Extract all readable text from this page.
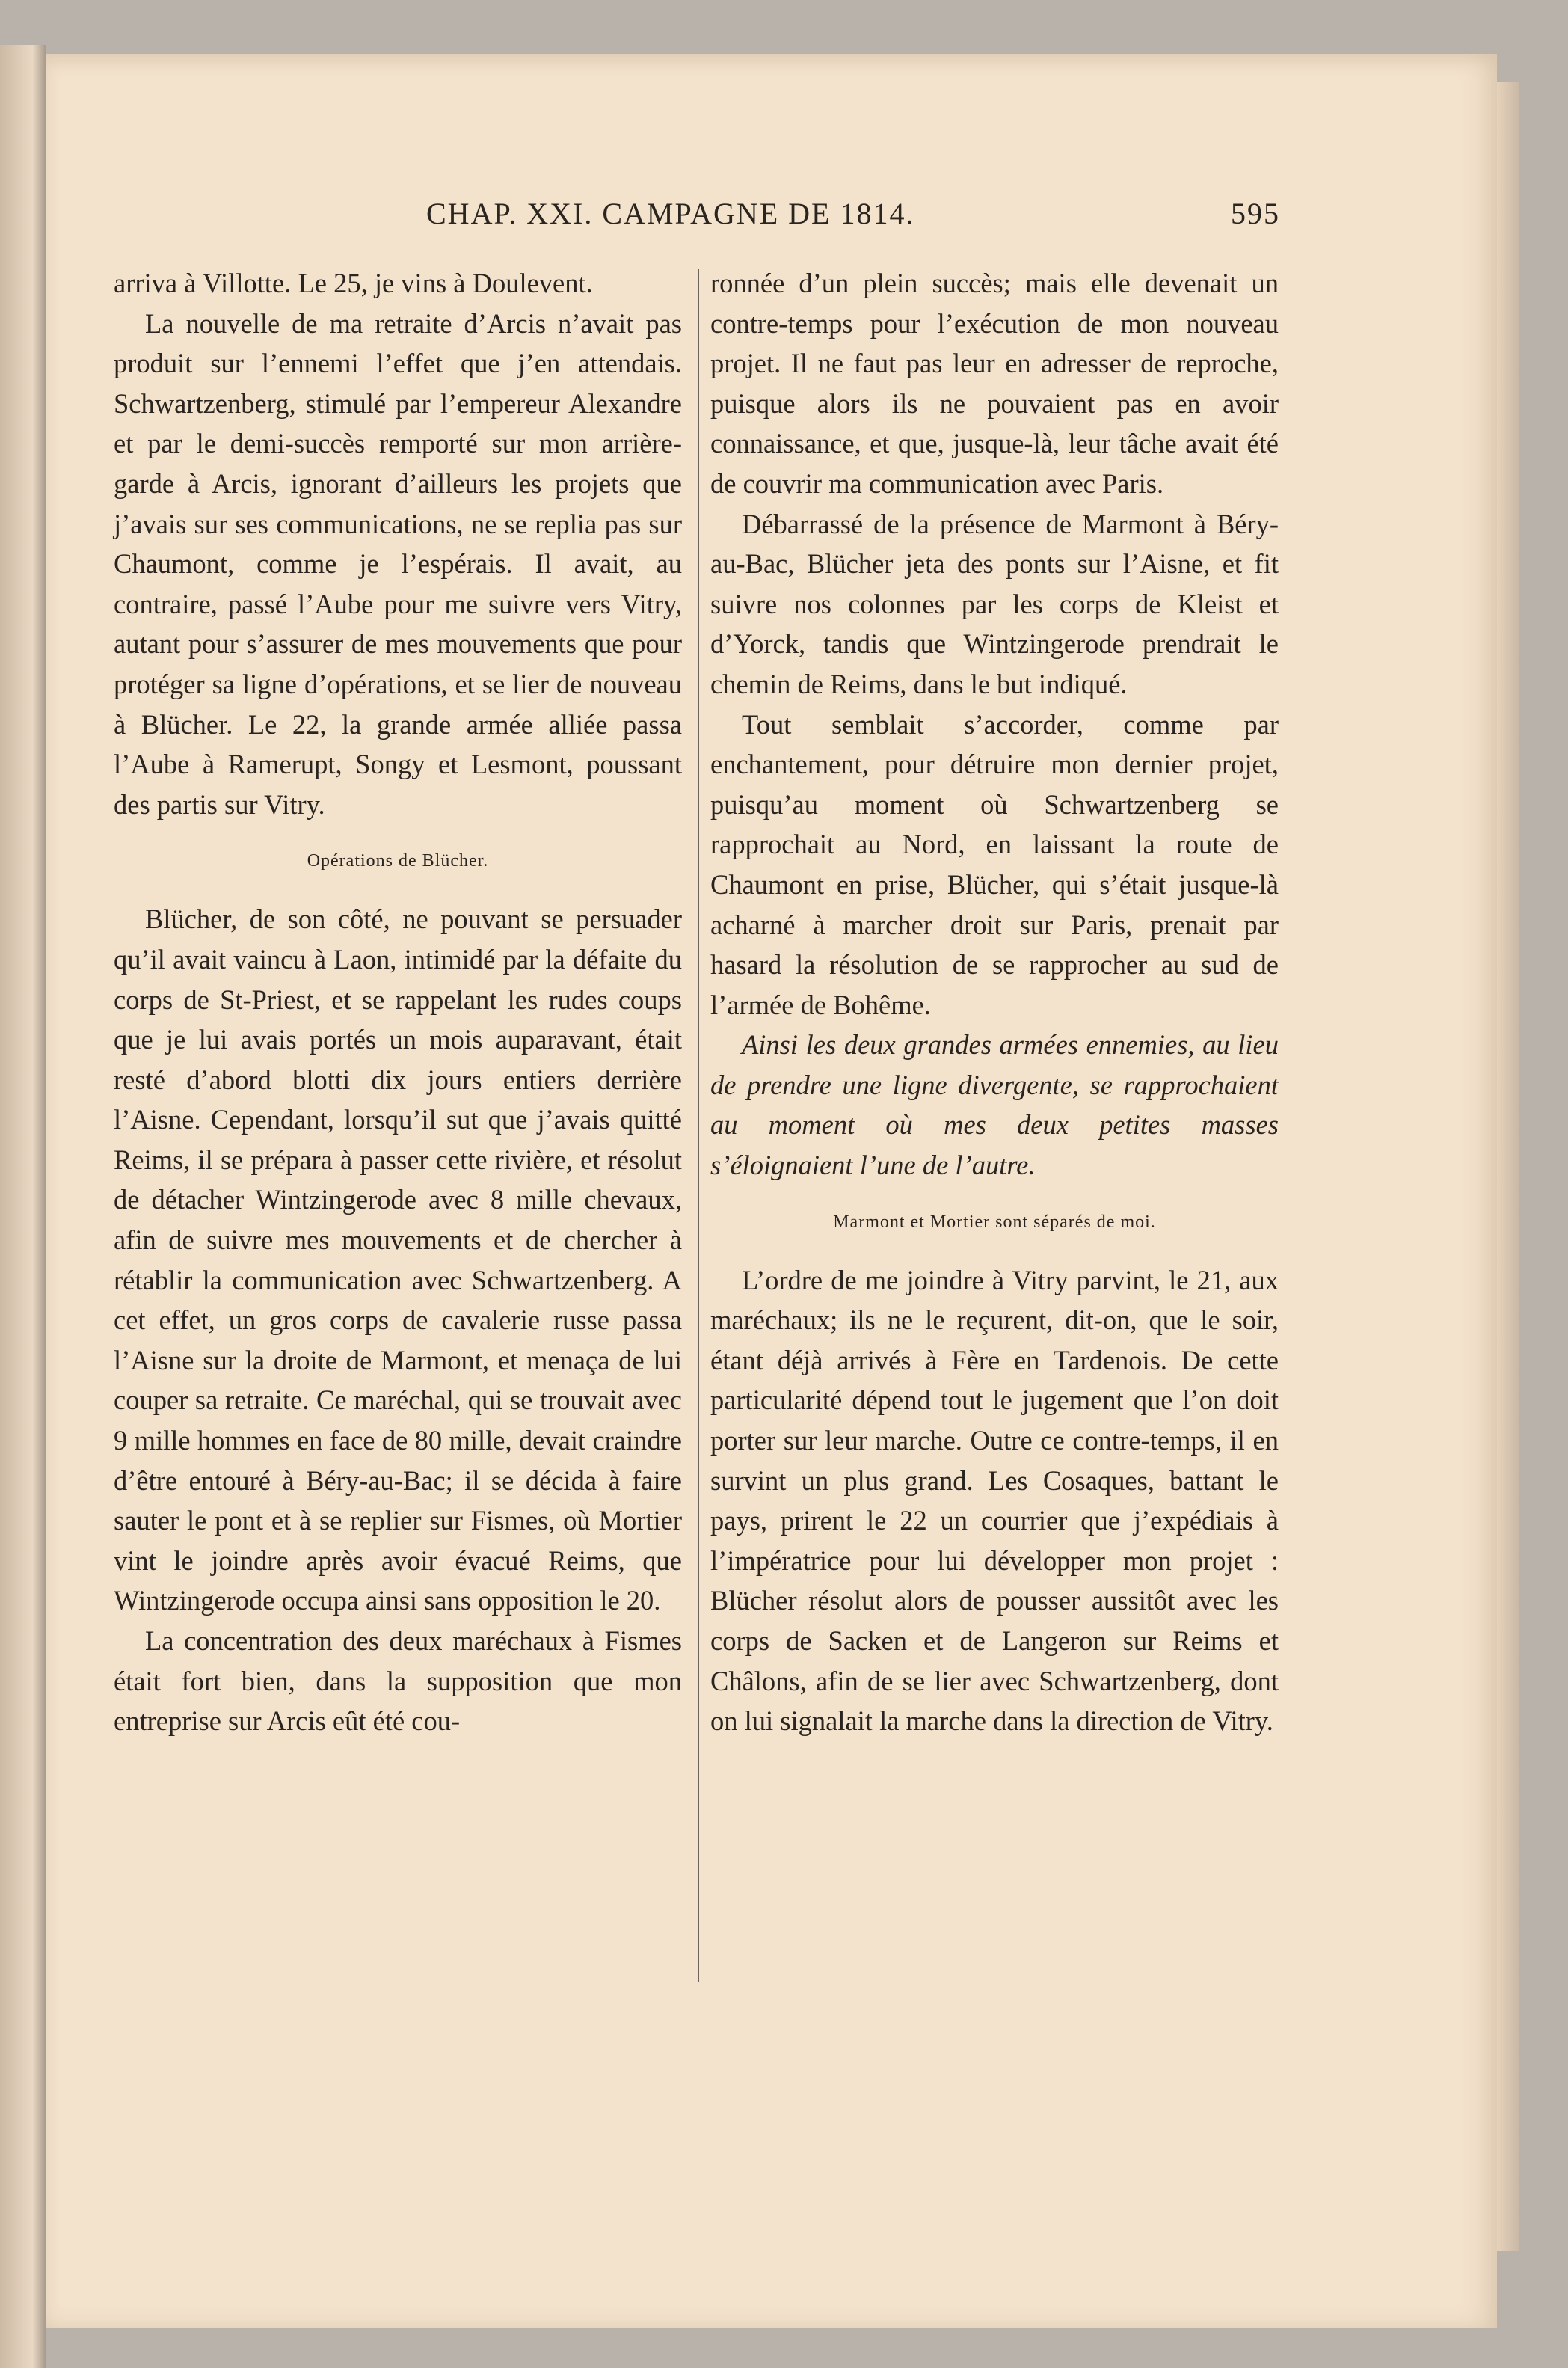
CHAP. XXI. CAMPAGNE DE 1814.	595

arriva à Villotte. Le 25, je vins à Doulevent.

La nouvelle de ma retraite d’Arcis n’avait pas produit sur l’ennemi l’effet que j’en attendais. Schwartzenberg, stimulé par l’empereur Alexandre et par le demi-succès remporté sur mon arrière-garde à Arcis, ignorant d’ailleurs les projets que j’avais sur ses communications, ne se replia pas sur Chaumont, comme je l’espérais. Il avait, au contraire, passé l’Aube pour me suivre vers Vitry, autant pour s’assurer de mes mouvements que pour protéger sa ligne d’opérations, et se lier de nouveau à Blücher. Le 22, la grande armée alliée passa l’Aube à Ramerupt, Songy et Lesmont, poussant des partis sur Vitry.

Opérations de Blücher.

Blücher, de son côté, ne pouvant se persuader qu’il avait vaincu à Laon, intimidé par la défaite du corps de St-Priest, et se rappelant les rudes coups que je lui avais portés un mois auparavant, était resté d’abord blotti dix jours entiers derrière l’Aisne. Cependant, lorsqu’il sut que j’avais quitté Reims, il se prépara à passer cette rivière, et résolut de détacher Wintzingerode avec 8 mille chevaux, afin de suivre mes mouvements et de chercher à rétablir la communication avec Schwartzenberg. A cet effet, un gros corps de cavalerie russe passa l’Aisne sur la droite de Marmont, et menaça de lui couper sa retraite. Ce maréchal, qui se trouvait avec 9 mille hommes en face de 80 mille, devait craindre d’être entouré à Béry-au-Bac; il se décida à faire sauter le pont et à se replier sur Fismes, où Mortier vint le joindre après avoir évacué Reims, que Wintzingerode occupa ainsi sans opposition le 20.

La concentration des deux maréchaux à Fismes était fort bien, dans la supposition que mon entreprise sur Arcis eût été cou-

ronnée d’un plein succès; mais elle devenait un contre-temps pour l’exécution de mon nouveau projet. Il ne faut pas leur en adresser de reproche, puisque alors ils ne pouvaient pas en avoir connaissance, et que, jusque-là, leur tâche avait été de couvrir ma communication avec Paris.

Débarrassé de la présence de Marmont à Béry-au-Bac, Blücher jeta des ponts sur l’Aisne, et fit suivre nos colonnes par les corps de Kleist et d’Yorck, tandis que Wintzingerode prendrait le chemin de Reims, dans le but indiqué.

Tout semblait s’accorder, comme par enchantement, pour détruire mon dernier projet, puisqu’au moment où Schwartzenberg se rapprochait au Nord, en laissant la route de Chaumont en prise, Blücher, qui s’était jusque-là acharné à marcher droit sur Paris, prenait par hasard la résolution de se rapprocher au sud de l’armée de Bohême.

Ainsi les deux grandes armées ennemies, au lieu de prendre une ligne divergente, se rapprochaient au moment où mes deux petites masses s’éloignaient l’une de l’autre.

Marmont et Mortier sont séparés de moi.

L’ordre de me joindre à Vitry parvint, le 21, aux maréchaux; ils ne le reçurent, dit-on, que le soir, étant déjà arrivés à Fère en Tardenois. De cette particularité dépend tout le jugement que l’on doit porter sur leur marche. Outre ce contre-temps, il en survint un plus grand. Les Cosaques, battant le pays, prirent le 22 un courrier que j’expédiais à l’impératrice pour lui développer mon projet : Blücher résolut alors de pousser aussitôt avec les corps de Sacken et de Langeron sur Reims et Châlons, afin de se lier avec Schwartzenberg, dont on lui signalait la marche dans la direction de Vitry.
